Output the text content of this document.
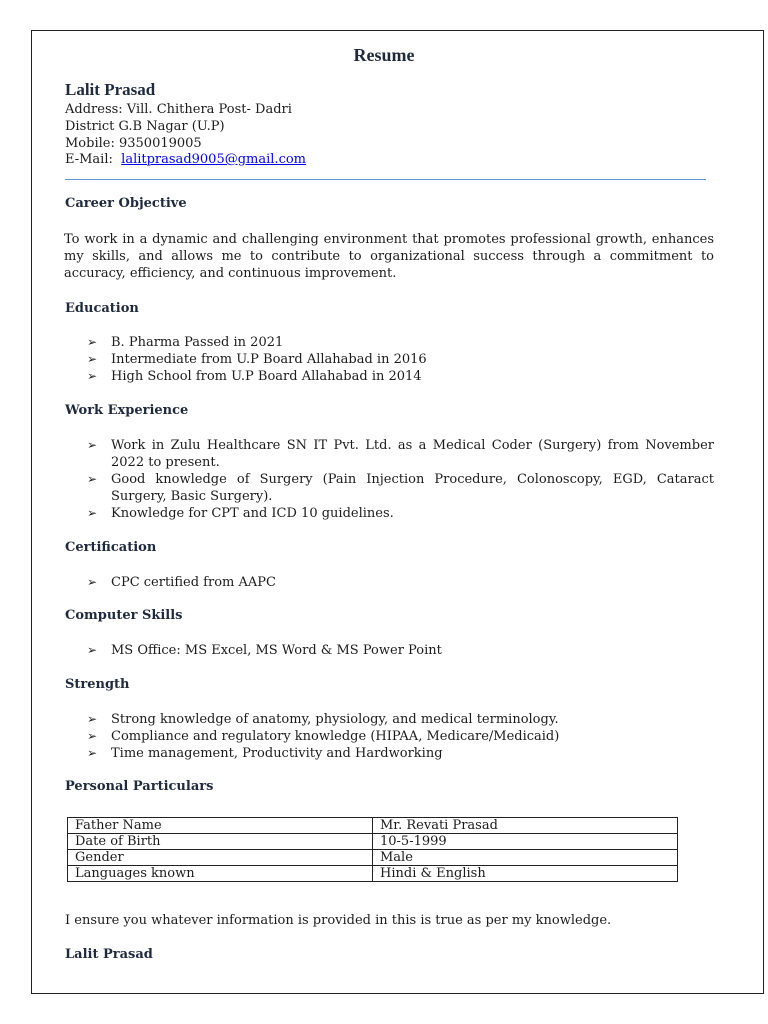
Resume
Lalit Prasad
Address: Vill. Chithera Post- Dadri
District G.B Nagar (U.P)
Mobile: 9350019005
E-Mail: lalitprasad9005@gmail.com
Career Objective
To work in a dynamic and challenging environment that promotes professional growth, enhances my skills, and allows me to contribute to organizational success through a commitment to accuracy, efficiency, and continuous improvement.
Education
➢ B. Pharma Passed in 2021
➢ Intermediate from U.P Board Allahabad in 2016
➢ High School from U.P Board Allahabad in 2014
Work Experience
➢ Work in Zulu Healthcare SN IT Pvt. Ltd. as a Medical Coder (Surgery) from November 2022 to present.
➢ Good knowledge of Surgery (Pain Injection Procedure, Colonoscopy, EGD, Cataract Surgery, Basic Surgery).
➢ Knowledge for CPT and ICD 10 guidelines.
Certification
➢ CPC certified from AAPC
Computer Skills
➢ MS Office: MS Excel, MS Word & MS Power Point
Strength
➢ Strong knowledge of anatomy, physiology, and medical terminology.
➢ Compliance and regulatory knowledge (HIPAA, Medicare/Medicaid)
➢ Time management, Productivity and Hardworking
Personal Particulars
Father Name	Mr. Revati Prasad
Date of Birth	10-5-1999
Gender	Male
Languages known	Hindi & English
I ensure you whatever information is provided in this is true as per my knowledge.
Lalit Prasad
